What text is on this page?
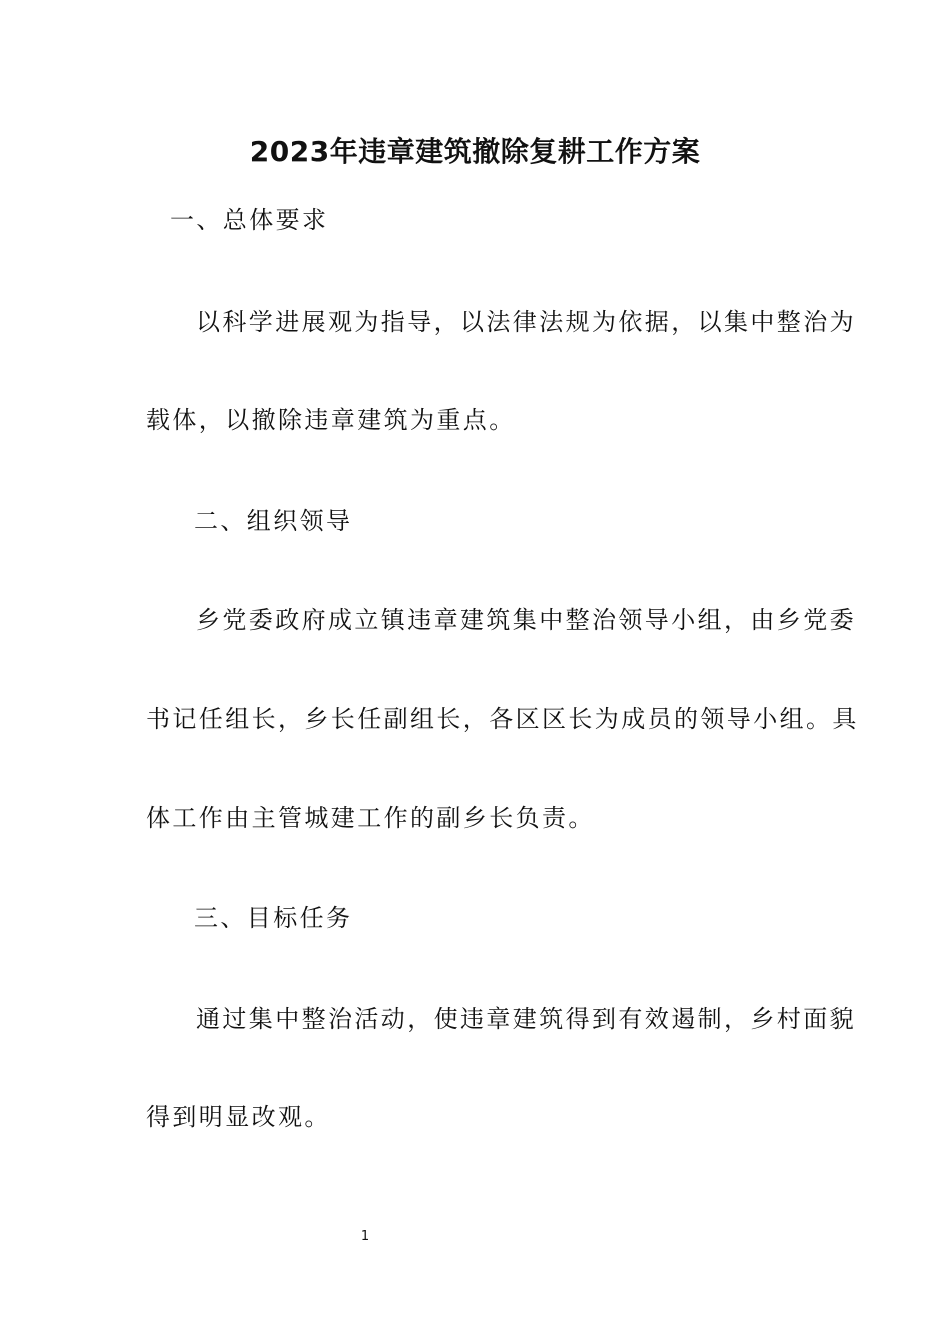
2023年违章建筑撤除复耕工作方案
一、总体要求
以科学进展观为指导，以法律法规为依据，以集中整治为
载体，以撤除违章建筑为重点。
二、组织领导
乡党委政府成立镇违章建筑集中整治领导小组，由乡党委
书记任组长，乡长任副组长，各区区长为成员的领导小组。具
体工作由主管城建工作的副乡长负责。
三、目标任务
通过集中整治活动，使违章建筑得到有效遏制，乡村面貌
得到明显改观。
1
